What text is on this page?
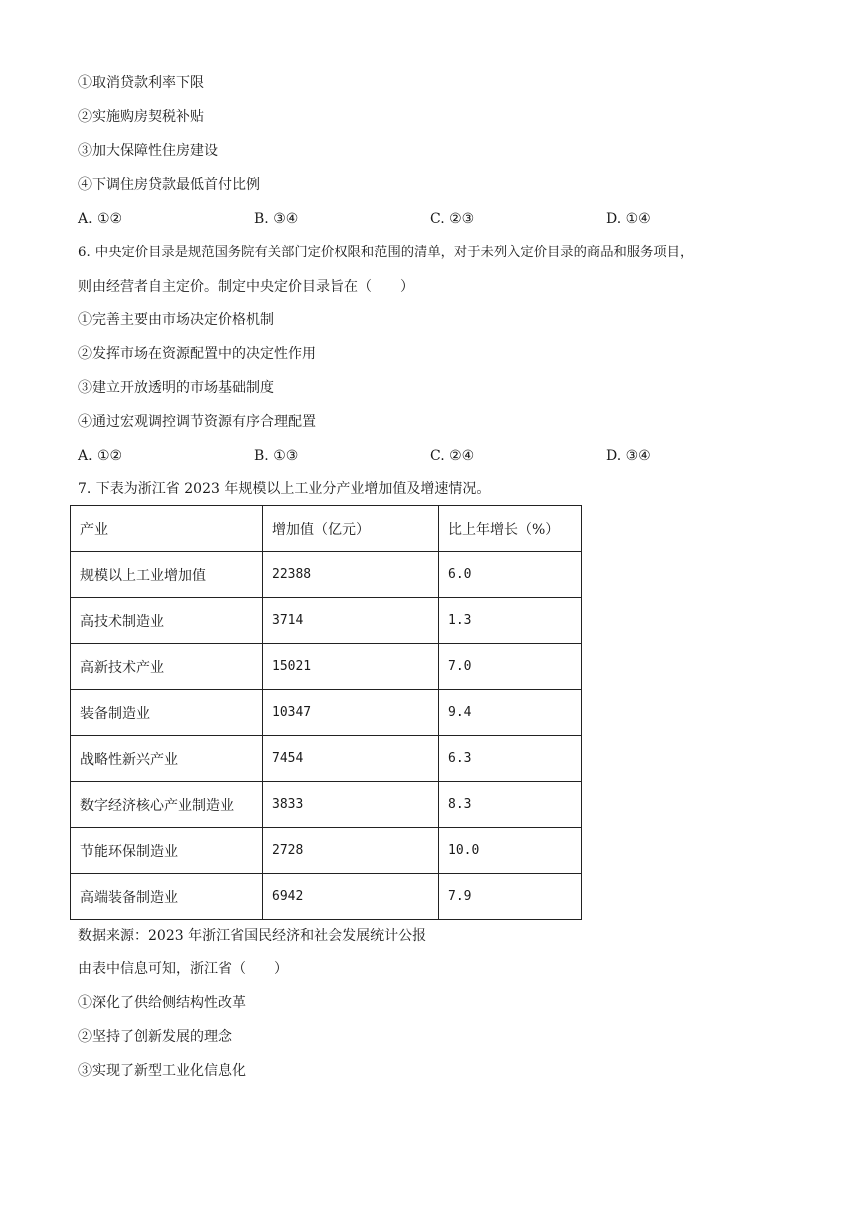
①取消贷款利率下限
②实施购房契税补贴
③加大保障性住房建设
④下调住房贷款最低首付比例
A. ①②	B. ③④	C. ②③	D. ①④
6. 中央定价目录是规范国务院有关部门定价权限和范围的清单，对于未列入定价目录的商品和服务项目，
则由经营者自主定价。制定中央定价目录旨在（　　）
①完善主要由市场决定价格机制
②发挥市场在资源配置中的决定性作用
③建立开放透明的市场基础制度
④通过宏观调控调节资源有序合理配置
A. ①②	B. ①③	C. ②④	D. ③④
7. 下表为浙江省 2023 年规模以上工业分产业增加值及增速情况。
产业	增加值（亿元）	比上年增长（%）
规模以上工业增加值	22388	6.0
高技术制造业	3714	1.3
高新技术产业	15021	7.0
装备制造业	10347	9.4
战略性新兴产业	7454	6.3
数字经济核心产业制造业	3833	8.3
节能环保制造业	2728	10.0
高端装备制造业	6942	7.9
数据来源：2023 年浙江省国民经济和社会发展统计公报
由表中信息可知，浙江省（　　）
①深化了供给侧结构性改革
②坚持了创新发展的理念
③实现了新型工业化信息化
